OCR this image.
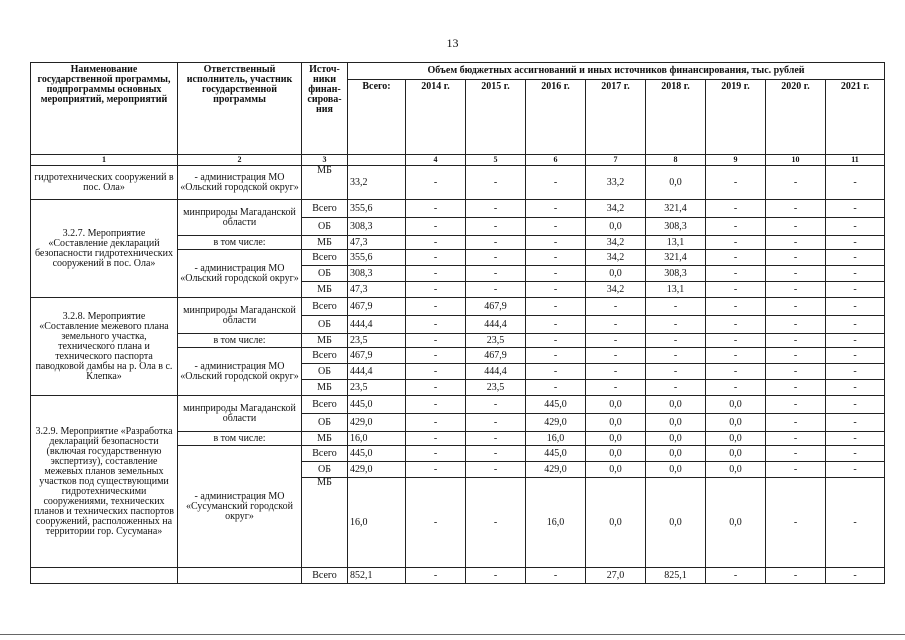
13
Наименование государственной программы, подпрограммы основных мероприятий, мероприятий	Ответственный исполнитель, участник государственной программы	Источ-ники финан-сирова-ния	Объем бюджетных ассигнований и иных источников финансирования, тыс. рублей								
			Всего:	2014 г.	2015 г.	2016 г.	2017 г.	2018 г.	2019 г.	2020 г.	2021 г.
1	2	3		4	5	6	7	8	9	10	11
гидротехнических сооружений в пос. Ола»	- администрация МО «Ольский городской округ»	МБ	33,2	-	-	-	33,2	0,0	-	-	-
3.2.7. Мероприятие «Составление деклараций безопасности гидротехнических сооружений в пос. Ола»	минприроды Магаданской области	Всего	355,6	-	-	-	34,2	321,4	-	-	-
		ОБ	308,3	-	-	-	0,0	308,3	-	-	-
	в том числе:	МБ	47,3	-	-	-	34,2	13,1	-	-	-
	- администрация МО «Ольский городской округ»	Всего	355,6	-	-	-	34,2	321,4	-	-	-
		ОБ	308,3	-	-	-	0,0	308,3	-	-	-
		МБ	47,3	-	-	-	34,2	13,1	-	-	-
3.2.8. Мероприятие «Составление межевого плана земельного участка, технического плана и технического паспорта паводковой дамбы на р. Ола в с. Клепка»	минприроды Магаданской области	Всего	467,9	-	467,9	-	-	-	-	-	-
		ОБ	444,4	-	444,4	-	-	-	-	-	-
	в том числе:	МБ	23,5	-	23,5	-	-	-	-	-	-
	- администрация МО «Ольский городской округ»	Всего	467,9	-	467,9	-	-	-	-	-	-
		ОБ	444,4	-	444,4	-	-	-	-	-	-
		МБ	23,5	-	23,5	-	-	-	-	-	-
3.2.9. Мероприятие «Разработка деклараций безопасности (включая государственную экспертизу), составление межевых планов земельных участков под существующими гидротехническими сооружениями, технических планов и технических паспортов сооружений, расположенных на территории гор. Сусумана»	минприроды Магаданской области	Всего	445,0	-	-	445,0	0,0	0,0	0,0	-	-
		ОБ	429,0	-	-	429,0	0,0	0,0	0,0	-	-
	в том числе:	МБ	16,0	-	-	16,0	0,0	0,0	0,0	-	-
	- администрация МО «Сусуманский городской округ»	Всего	445,0	-	-	445,0	0,0	0,0	0,0	-	-
		ОБ	429,0	-	-	429,0	0,0	0,0	0,0	-	-
		МБ	16,0	-	-	16,0	0,0	0,0	0,0	-	-
		Всего	852,1	-	-	-	27,0	825,1	-	-	-
